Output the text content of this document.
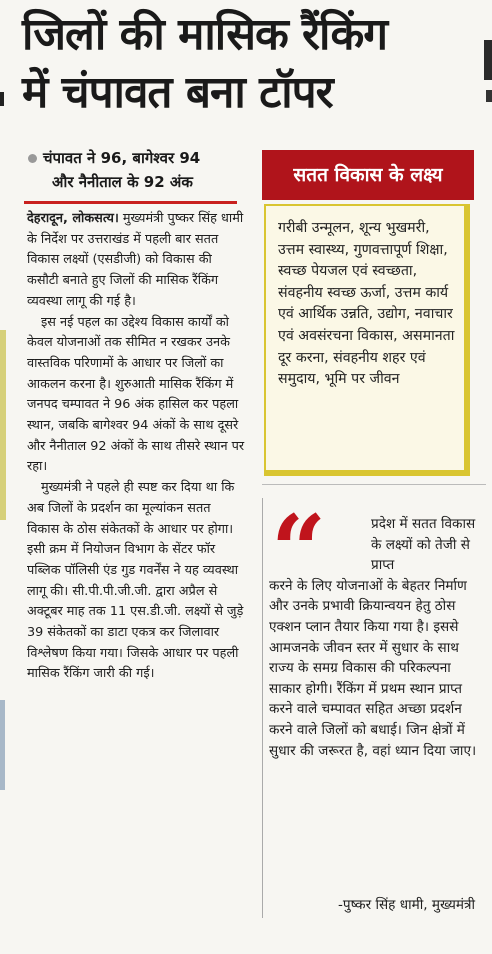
जिलों की मासिक रैंकिंग
में चंपावत बना टॉपर
चंपावत ने 96, बागेश्वर 94
और नैनीताल के 92 अंक

देहरादून, लोकसत्य। मुख्यमंत्री पुष्कर सिंह धामी के निर्देश पर उत्तराखंड में पहली बार सतत विकास लक्ष्यों (एसडीजी) को विकास की कसौटी बनाते हुए जिलों की मासिक रैंकिंग व्यवस्था लागू की गई है।

इस नई पहल का उद्देश्य विकास कार्यों को केवल योजनाओं तक सीमित न रखकर उनके वास्तविक परिणामों के आधार पर जिलों का आकलन करना है। शुरुआती मासिक रैंकिंग में जनपद चम्पावत ने 96 अंक हासिल कर पहला स्थान, जबकि बागेश्वर 94 अंकों के साथ दूसरे और नैनीताल 92 अंकों के साथ तीसरे स्थान पर रहा।

मुख्यमंत्री ने पहले ही स्पष्ट कर दिया था कि अब जिलों के प्रदर्शन का मूल्यांकन सतत विकास के ठोस संकेतकों के आधार पर होगा। इसी क्रम में नियोजन विभाग के सेंटर फॉर पब्लिक पॉलिसी एंड गुड गवर्नेंस ने यह व्यवस्था लागू की। सी.पी.पी.जी.जी. द्वारा अप्रैल से अक्टूबर माह तक 11 एस.डी.जी. लक्ष्यों से जुड़े 39 संकेतकों का डाटा एकत्र कर जिलावार विश्लेषण किया गया। जिसके आधार पर पहली मासिक रैंकिंग जारी की गई।

सतत विकास के लक्ष्य
गरीबी उन्मूलन, शून्य भुखमरी, उत्तम स्वास्थ्य, गुणवत्तापूर्ण शिक्षा, स्वच्छ पेयजल एवं स्वच्छता, संवहनीय स्वच्छ ऊर्जा, उत्तम कार्य एवं आर्थिक उन्नति, उद्योग, नवाचार एवं अवसंरचना विकास, असमानता दूर करना, संवहनीय शहर एवं समुदाय, भूमि पर जीवन
“	प्रदेश में सतत विकास के लक्ष्यों को तेजी से प्राप्त
करने के लिए योजनाओं के बेहतर निर्माण और उनके प्रभावी क्रियान्वयन हेतु ठोस एक्शन प्लान तैयार किया गया है। इससे आमजनके जीवन स्तर में सुधार के साथ राज्य के समग्र विकास की परिकल्पना साकार होगी। रैंकिंग में प्रथम स्थान प्राप्त करने वाले चम्पावत सहित अच्छा प्रदर्शन करने वाले जिलों को बधाई। जिन क्षेत्रों में सुधार की जरूरत है, वहां ध्यान दिया जाए।
-पुष्कर सिंह धामी, मुख्यमंत्री
